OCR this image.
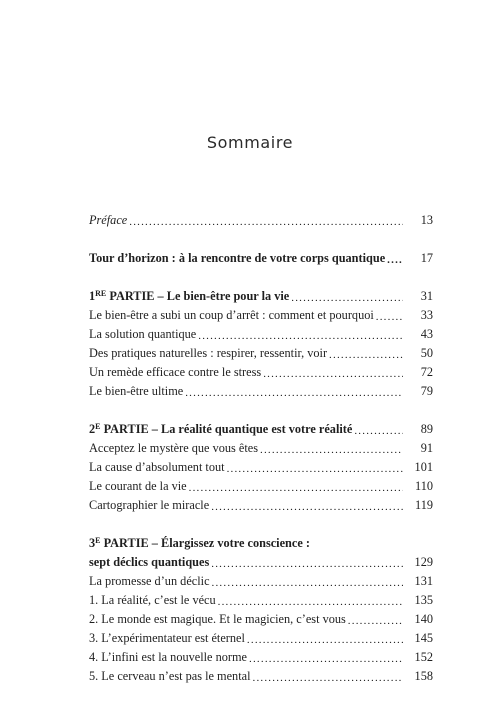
Sommaire
Préface .....	13
Tour d’horizon : à la rencontre de votre corps quantique .....	17
1RE PARTIE – Le bien-être pour la vie .....	31
Le bien-être a subi un coup d’arrêt : comment et pourquoi .....	33
La solution quantique .....	43
Des pratiques naturelles : respirer, ressentir, voir .....	50
Un remède efficace contre le stress .....	72
Le bien-être ultime .....	79
$2^E$ PARTIE – La réalité quantique est votre réalité .....	89
Acceptez le mystère que vous êtes .....	91
La cause d’absolument tout .....	101
Le courant de la vie .....	110
Cartographier le miracle .....	119
$3^E$ PARTIE – Élargissez votre conscience :
sept déclics quantiques .....	129
La promesse d’un déclic .....	131
1. La réalité, c’est le vécu .....	135
2. Le monde est magique. Et le magicien, c’est vous .....	140
3. L’expérimentateur est éternel .....	145
4. L’infini est la nouvelle norme .....	152
5. Le cerveau n’est pas le mental .....	158
